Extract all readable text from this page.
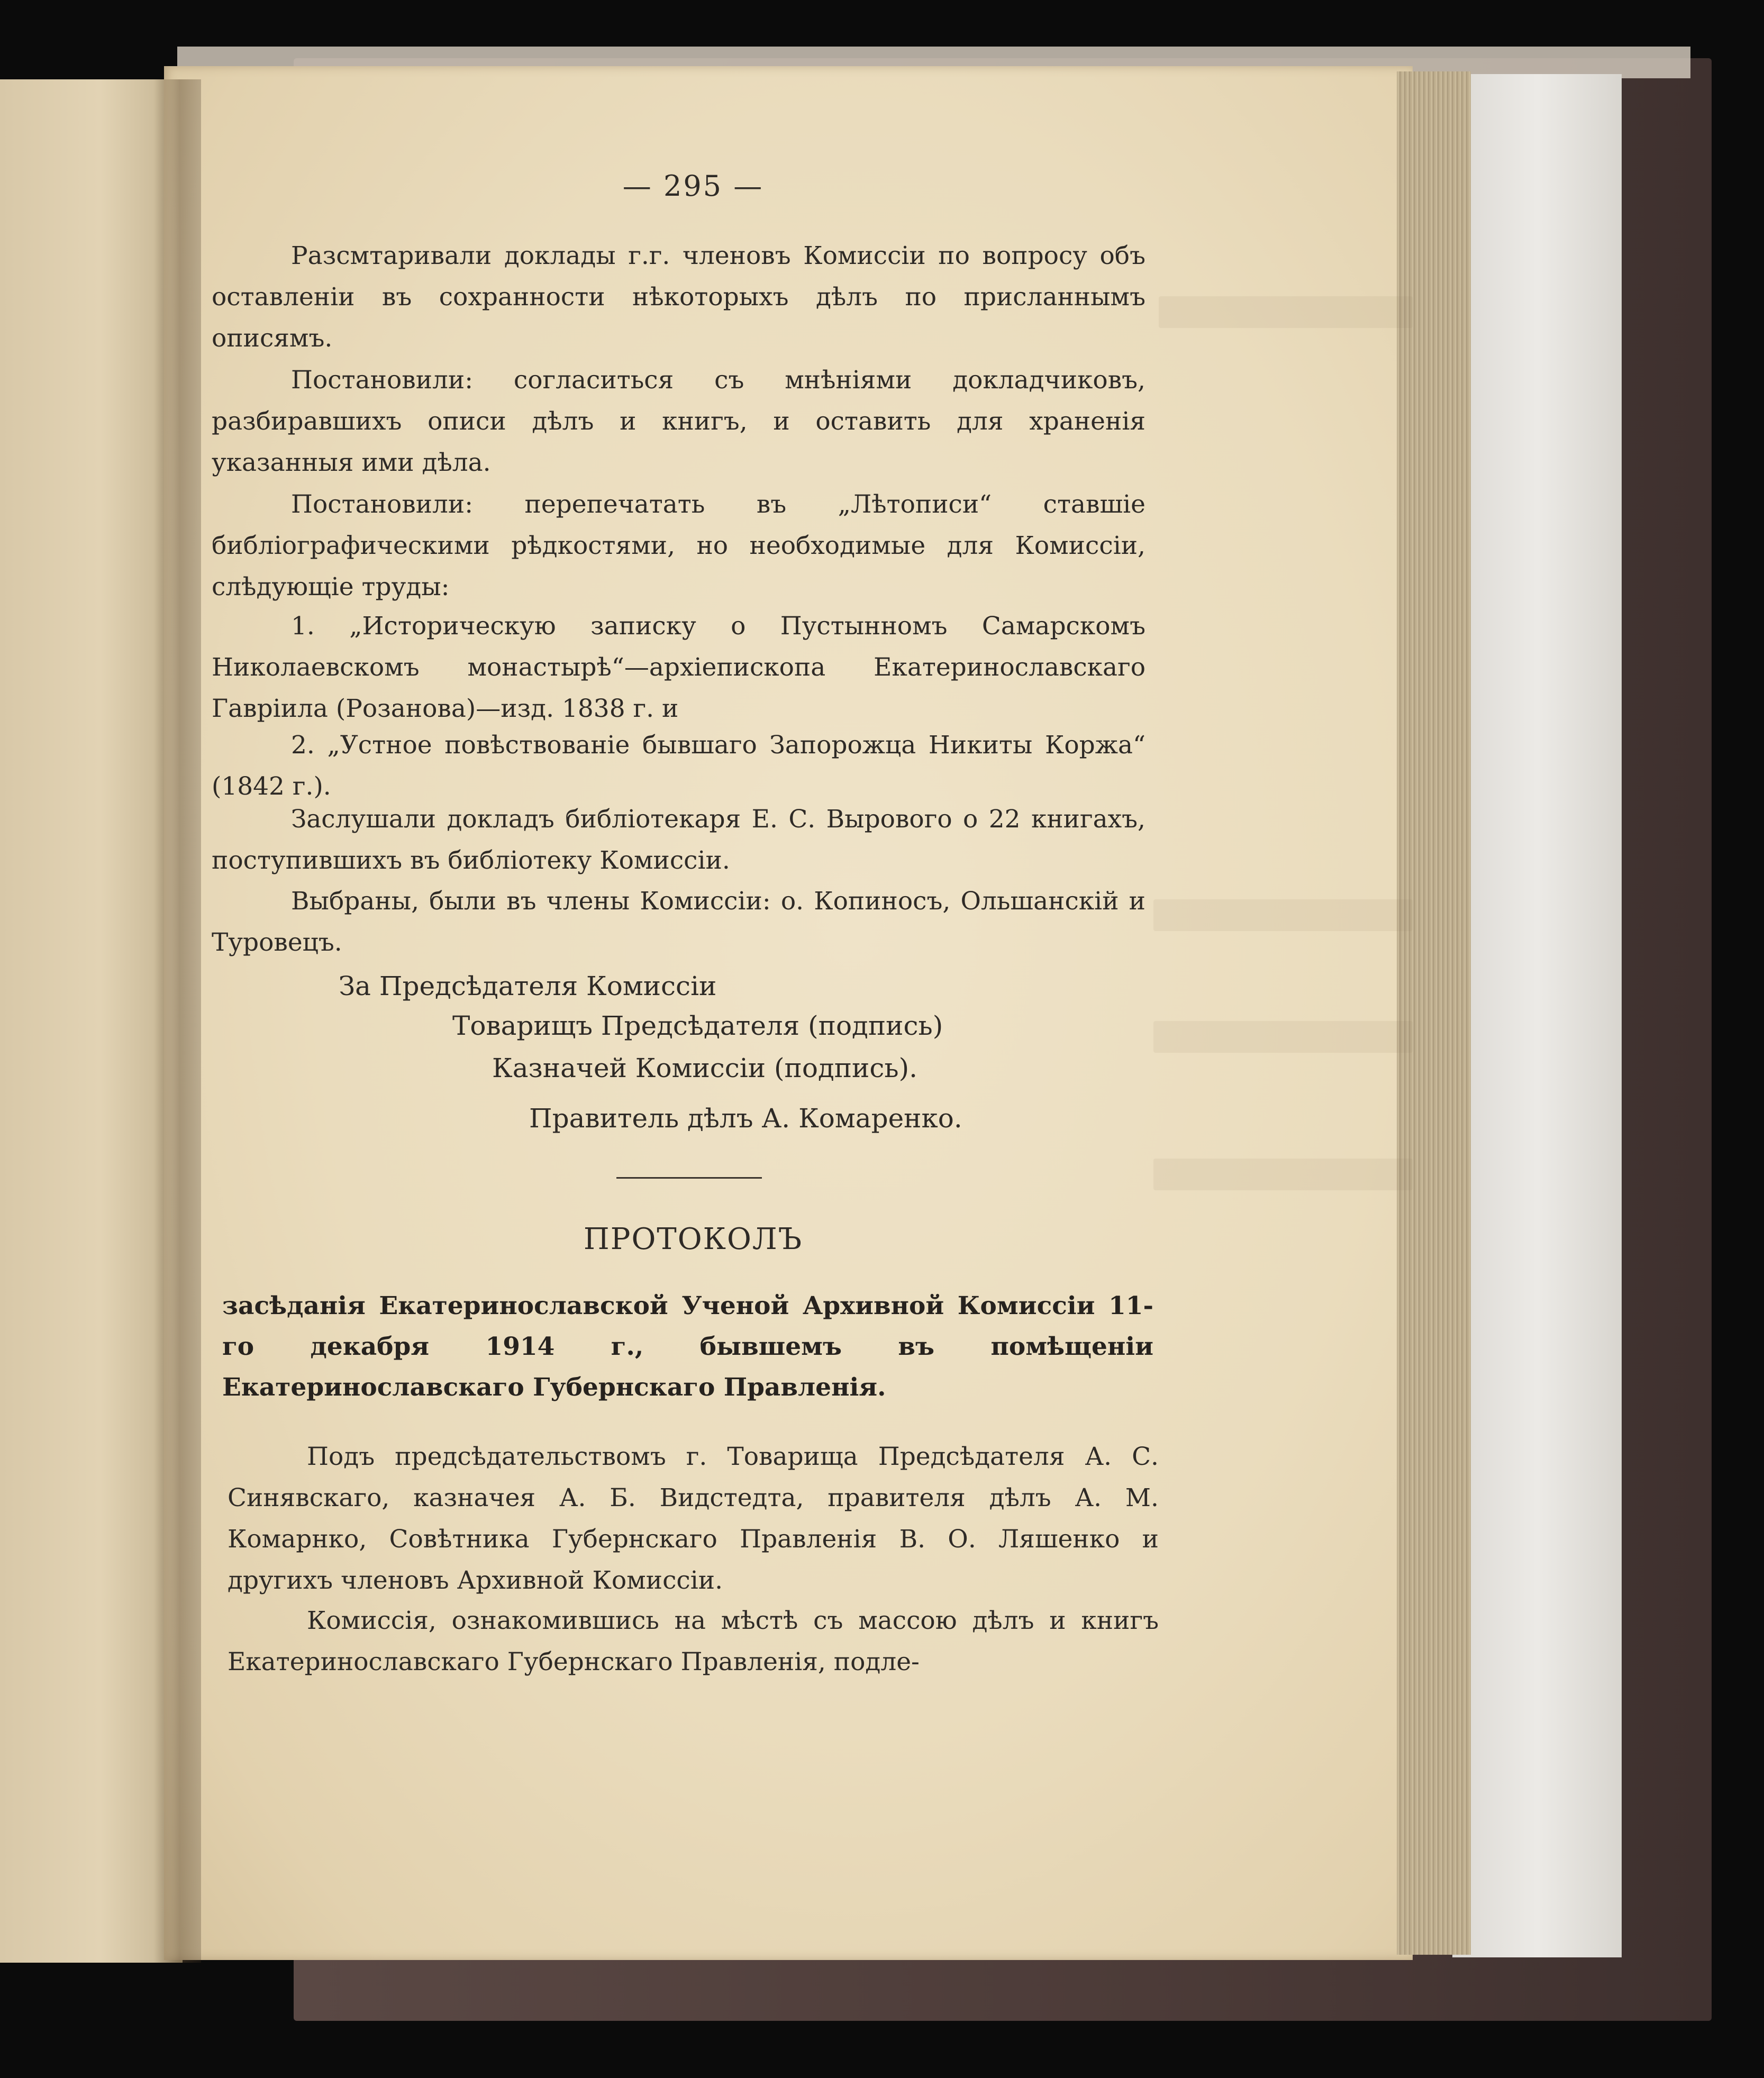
— 295 —
Разсмтаривали доклады г.г. членовъ Комиссіи по вопросу объ оставленіи въ сохранности нѣкоторыхъ дѣлъ по присланнымъ описямъ.
Постановили: согласиться съ мнѣніями докладчиковъ, разбиравшихъ описи дѣлъ и книгъ, и оставить для храненія указанныя ими дѣла.
Постановили: перепечатать въ „Лѣтописи“ ставшіе библіографическими рѣдкостями, но необходимые для Комиссіи, слѣдующіе труды:
1. „Историческую записку о Пустынномъ Самарскомъ Николаевскомъ монастырѣ“—архіепископа Екатеринославскаго Гавріила (Розанова)—изд. 1838 г. и
2. „Устное повѣствованіе бывшаго Запорожца Никиты Коржа“ (1842 г.).
Заслушали докладъ библіотекаря Е. С. Вырового о 22 книгахъ, поступившихъ въ библіотеку Комиссіи.
Выбраны, были въ члены Комиссіи: о. Копиносъ, Ольшанскій и Туровецъ.
За Предсѣдателя Комиссіи
Товарищъ Предсѣдателя (подпись)
Казначей Комиссіи (подпись).
Правитель дѣлъ А. Комаренко.
ПРОТОКОЛЪ
засѣданія Екатеринославской Ученой Архивной Комиссіи 11-го декабря 1914 г., бывшемъ въ помѣщеніи Екатеринославскаго Губернскаго Правленія.
Подъ предсѣдательствомъ г. Товарища Предсѣдателя А. С. Синявскаго, казначея А. Б. Видстедта, правителя дѣлъ А. М. Комарнко, Совѣтника Губернскаго Правленія В. О. Ляшенко и другихъ членовъ Архивной Комиссіи.
Комиссія, ознакомившись на мѣстѣ съ массою дѣлъ и книгъ Екатеринославскаго Губернскаго Правленія, подле-
